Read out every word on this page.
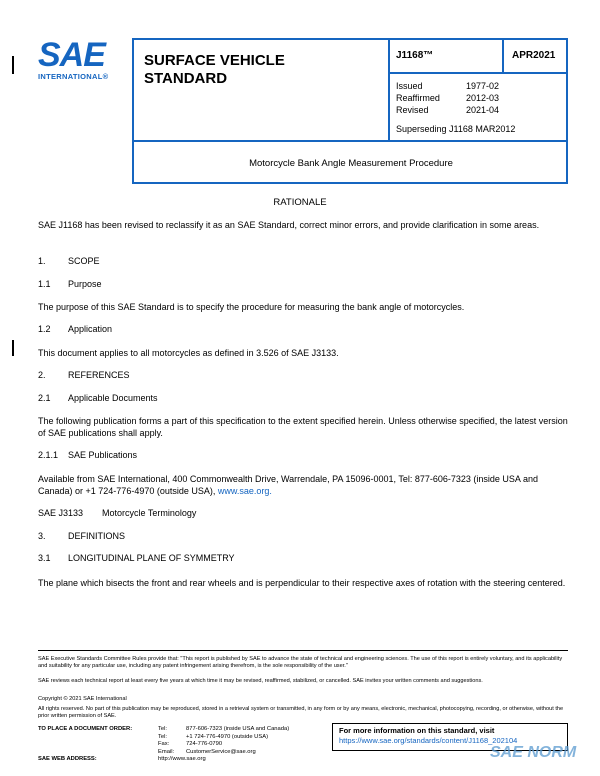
SAE
INTERNATIONAL®
SURFACE VEHICLE
STANDARD
J1168™	APR2021
Issued	1977-02
Reaffirmed	2012-03
Revised	2021-04
Superseding J1168 MAR2012
Motorcycle Bank Angle Measurement Procedure
RATIONALE
SAE J1168 has been revised to reclassify it as an SAE Standard, correct minor errors, and provide clarification in some areas.
1. SCOPE
1.1 Purpose
The purpose of this SAE Standard is to specify the procedure for measuring the bank angle of motorcycles.
1.2 Application
This document applies to all motorcycles as defined in 3.526 of SAE J3133.
2. REFERENCES
2.1 Applicable Documents
The following publication forms a part of this specification to the extent specified herein. Unless otherwise specified, the latest version of SAE publications shall apply.
2.1.1 SAE Publications
Available from SAE International, 400 Commonwealth Drive, Warrendale, PA 15096-0001, Tel: 877-606-7323 (inside USA and Canada) or +1 724-776-4970 (outside USA), www.sae.org.
SAE J3133 Motorcycle Terminology
3. DEFINITIONS
3.1 LONGITUDINAL PLANE OF SYMMETRY
The plane which bisects the front and rear wheels and is perpendicular to their respective axes of rotation with the steering centered.
SAE Executive Standards Committee Rules provide that: "This report is published by SAE to advance the state of technical and engineering sciences. The use of this report is entirely voluntary, and its applicability and suitability for any particular use, including any patent infringement arising therefrom, is the sole responsibility of the user."
SAE reviews each technical report at least every five years at which time it may be revised, reaffirmed, stabilized, or cancelled. SAE invites your written comments and suggestions.
Copyright © 2021 SAE International
All rights reserved. No part of this publication may be reproduced, stored in a retrieval system or transmitted, in any form or by any means, electronic, mechanical, photocopying, recording, or otherwise, without the prior written permission of SAE.
TO PLACE A DOCUMENT ORDER:	Tel:	877-606-7323 (inside USA and Canada)
Tel:	+1 724-776-4970 (outside USA)
Fax:	724-776-0790
Email:	CustomerService@sae.org
SAE WEB ADDRESS:	http://www.sae.org
For more information on this standard, visit
https://www.sae.org/standards/content/J1168_202104
SAE NORM
